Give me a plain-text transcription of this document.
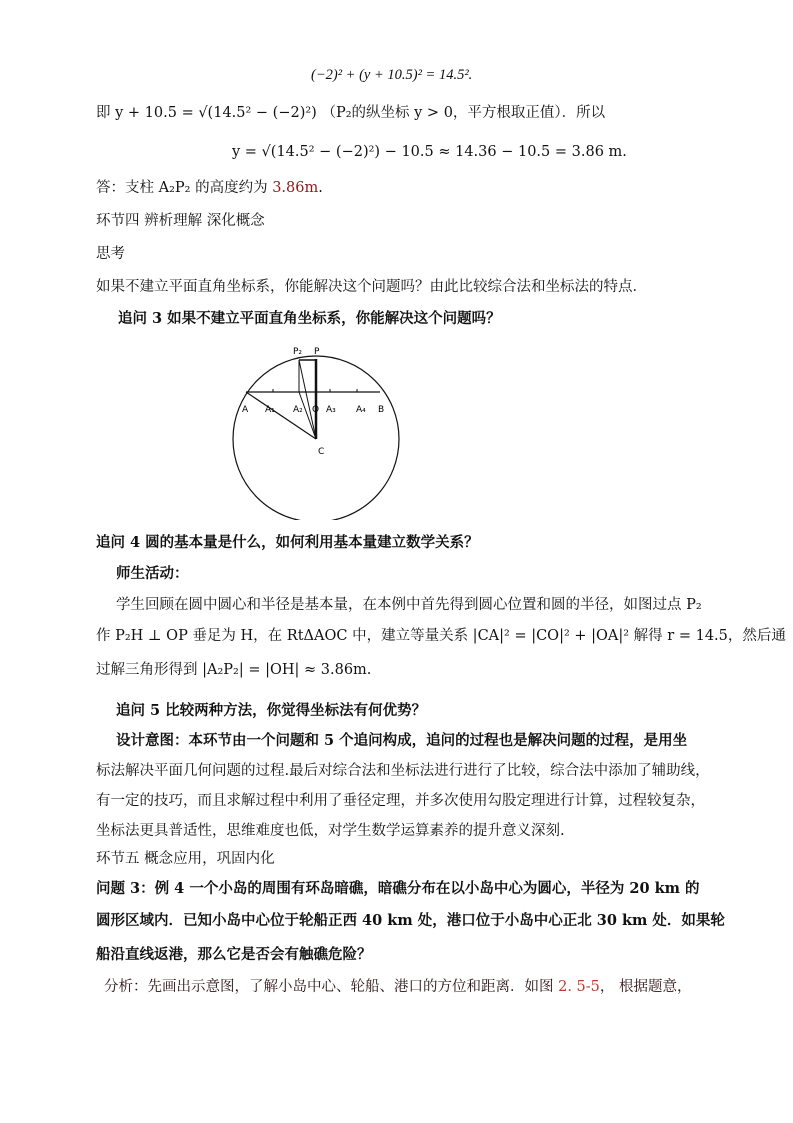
(−2)² + (y + 10.5)² = 14.5².
即 y + 10.5 = √(14.5² − (−2)²) （P₂的纵坐标 y > 0，平方根取正值）．所以
y = √(14.5² − (−2)²) − 10.5 ≈ 14.36 − 10.5 = 3.86 m.
答：支柱 A₂P₂ 的高度约为 3.86m.
环节四 辨析理解 深化概念
思考
如果不建立平面直角坐标系，你能解决这个问题吗？由此比较综合法和坐标法的特点．
追问 3 如果不建立平面直角坐标系，你能解决这个问题吗？
P₂ P
A A₁ A₂ O A₃ A₄ B
C
追问 4 圆的基本量是什么，如何利用基本量建立数学关系？
师生活动：
学生回顾在圆中圆心和半径是基本量，在本例中首先得到圆心位置和圆的半径，如图过点 P₂
作 P₂H ⊥ OP 垂足为 H，在 RtΔAOC 中，建立等量关系 |CA|² = |CO|² + |OA|² 解得 r = 14.5，然后通
过解三角形得到 |A₂P₂| = |OH| ≈ 3.86m.
追问 5 比较两种方法，你觉得坐标法有何优势？
设计意图：本环节由一个问题和 5 个追问构成，追问的过程也是解决问题的过程，是用坐
标法解决平面几何问题的过程.最后对综合法和坐标法进行进行了比较，综合法中添加了辅助线，
有一定的技巧，而且求解过程中利用了垂径定理，并多次使用勾股定理进行计算，过程较复杂，
坐标法更具普适性，思维难度也低，对学生数学运算素养的提升意义深刻.
环节五 概念应用，巩固内化
问题 3：例 4 一个小岛的周围有环岛暗礁，暗礁分布在以小岛中心为圆心，半径为 20 km 的
圆形区域内．已知小岛中心位于轮船正西 40 km 处，港口位于小岛中心正北 30 km 处．如果轮
船沿直线返港，那么它是否会有触礁危险？
分析：先画出示意图，了解小岛中心、轮船、港口的方位和距离．如图 2. 5-5， 根据题意，
